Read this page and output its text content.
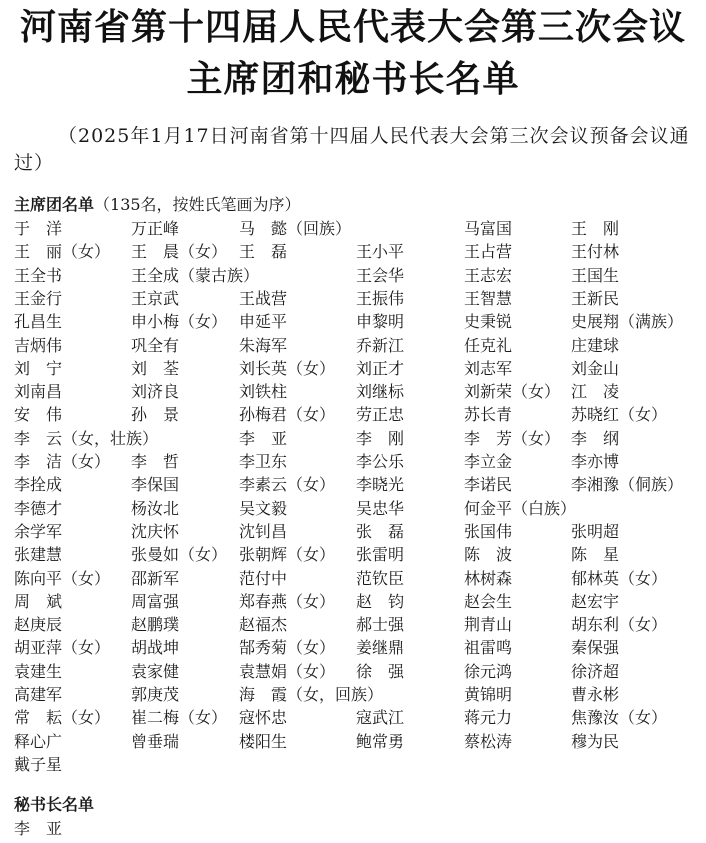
河南省第十四届人民代表大会第三次会议
主席团和秘书长名单

（2025年1月17日河南省第十四届人民代表大会第三次会议预备会议通过）

主席团名单（135名，按姓氏笔画为序）

于　洋	万正峰	马　懿（回族）	马富国	王　刚
王　丽（女） 王　晨（女） 王　磊	王小平	王占营	王付林
王全书	王全成（蒙古族）	王会华	王志宏	王国生
王金行	王京武	王战营	王振伟	王智慧	王新民
孔昌生	申小梅（女） 申延平	申黎明	史秉锐	史展翔（满族）
吉炳伟	巩全有	朱海军	乔新江	任克礼	庄建球
刘　宁	刘　荃	刘长英（女） 刘正才	刘志军	刘金山
刘南昌	刘济良	刘铁柱	刘继标	刘新荣（女） 江　凌
安　伟	孙　景	孙梅君（女） 劳正忠	苏长青	苏晓红（女）
李　云（女，壮族）	李　亚	李　刚	李　芳（女） 李　纲
李　洁（女） 李　哲	李卫东	李公乐	李立金	李亦博
李拴成	李保国	李素云（女） 李晓光	李诺民	李湘豫（侗族）
李德才	杨汝北	吴文毅	吴忠华	何金平（白族）
余学军	沈庆怀	沈钊昌	张　磊	张国伟	张明超
张建慧	张曼如（女） 张朝辉（女） 张雷明	陈　波	陈　星
陈向平（女） 邵新军	范付中	范钦臣	林树森	郁林英（女）
周　斌	周富强	郑春燕（女） 赵　钧	赵会生	赵宏宇
赵庚辰	赵鹏璞	赵福杰	郝士强	荆青山	胡东利（女）
胡亚萍（女） 胡战坤	郜秀菊（女） 姜继鼎	祖雷鸣	秦保强
袁建生	袁家健	袁慧娟（女） 徐　强	徐元鸿	徐济超
高建军	郭庚茂	海　霞（女，回族）	黄锦明	曹永彬
常　耘（女） 崔二梅（女） 寇怀忠	寇武江	蒋元力	焦豫汝（女）
释心广	曾垂瑞	楼阳生	鲍常勇	蔡松涛	穆为民
戴子星

秘书长名单

李　亚
